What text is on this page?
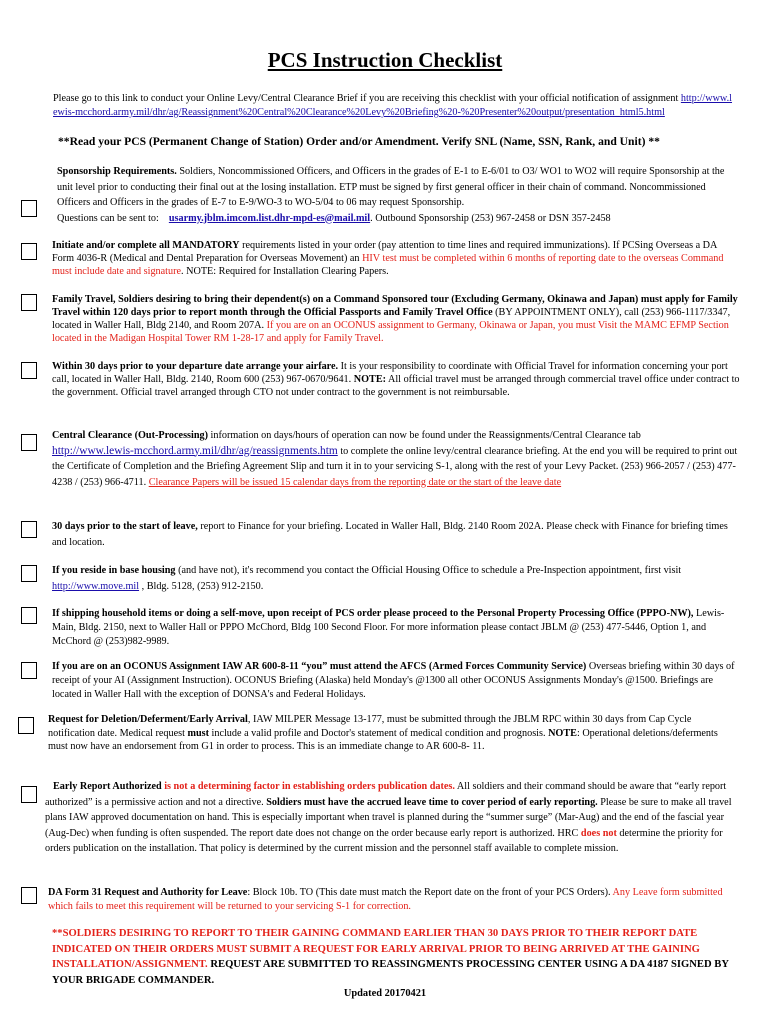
PCS Instruction Checklist
Please go to this link to conduct your Online Levy/Central Clearance Brief if you are receiving this checklist with your official notification of assignment http://www.lewis-mcchord.army.mil/dhr/ag/Reassignment%20Central%20Clearance%20Levy%20Briefing%20-%20Presenter%20output/presentation_html5.html
**Read your PCS (Permanent Change of Station) Order and/or Amendment. Verify SNL (Name, SSN, Rank, and Unit) **
Sponsorship Requirements. Soldiers, Noncommissioned Officers, and Officers in the grades of E-1 to E-6/01 to O3/ WO1 to WO2 will require Sponsorship at the unit level prior to conducting their final out at the losing installation. ETP must be signed by first general officer in their chain of command. Noncommissioned Officers and Officers in the grades of E-7 to E-9/WO-3 to WO-5/04 to 06 may request Sponsorship.
Questions can be sent to: usarmy.jblm.imcom.list.dhr-mpd-es@mail.mil. Outbound Sponsorship (253) 967-2458 or DSN 357-2458
Initiate and/or complete all MANDATORY requirements listed in your order (pay attention to time lines and required immunizations). If PCSing Overseas a DA Form 4036-R (Medical and Dental Preparation for Overseas Movement) an HIV test must be completed within 6 months of reporting date to the overseas Command must include date and signature. NOTE: Required for Installation Clearing Papers.
Family Travel, Soldiers desiring to bring their dependent(s) on a Command Sponsored tour (Excluding Germany, Okinawa and Japan) must apply for Family Travel within 120 days prior to report month through the Official Passports and Family Travel Office (BY APPOINTMENT ONLY), call (253) 966-1117/3347, located in Waller Hall, Bldg 2140, and Room 207A. If you are on an OCONUS assignment to Germany, Okinawa or Japan, you must Visit the MAMC EFMP Section located in the Madigan Hospital Tower RM 1-28-17 and apply for Family Travel.
Within 30 days prior to your departure date arrange your airfare. It is your responsibility to coordinate with Official Travel for information concerning your port call, located in Waller Hall, Bldg. 2140, Room 600 (253) 967-0670/9641. NOTE: All official travel must be arranged through commercial travel office under contract to the government. Official travel arranged through CTO not under contract to the government is not reimbursable.
Central Clearance (Out-Processing) information on days/hours of operation can now be found under the Reassignments/Central Clearance tab
http://www.lewis-mcchord.army.mil/dhr/ag/reassignments.htm to complete the online levy/central clearance briefing. At the end you will be required to print out the Certificate of Completion and the Briefing Agreement Slip and turn it in to your servicing S-1, along with the rest of your Levy Packet. (253) 966-2057 / (253) 477-4238 / (253) 966-4711. Clearance Papers will be issued 15 calendar days from the reporting date or the start of the leave date
30 days prior to the start of leave, report to Finance for your briefing. Located in Waller Hall, Bldg. 2140 Room 202A. Please check with Finance for briefing times and location.
If you reside in base housing (and have not), it's recommend you contact the Official Housing Office to schedule a Pre-Inspection appointment, first visit http://www.move.mil , Bldg. 5128, (253) 912-2150.
If shipping household items or doing a self-move, upon receipt of PCS order please proceed to the Personal Property Processing Office (PPPO-NW), Lewis-Main, Bldg. 2150, next to Waller Hall or PPPO McChord, Bldg 100 Second Floor. For more information please contact JBLM @ (253) 477-5446, Option 1, and McChord @ (253)982-9989.
If you are on an OCONUS Assignment IAW AR 600-8-11 “you” must attend the AFCS (Armed Forces Community Service) Overseas briefing within 30 days of receipt of your AI (Assignment Instruction). OCONUS Briefing (Alaska) held Monday's @1300 all other OCONUS Assignments Monday's @1500. Briefings are located in Waller Hall with the exception of DONSA's and Federal Holidays.
Request for Deletion/Deferment/Early Arrival, IAW MILPER Message 13-177, must be submitted through the JBLM RPC within 30 days from Cap Cycle notification date. Medical request must include a valid profile and Doctor's statement of medical condition and prognosis. NOTE: Operational deletions/deferments must now have an endorsement from G1 in order to process. This is an immediate change to AR 600-8- 11.
Early Report Authorized is not a determining factor in establishing orders publication dates. All soldiers and their command should be aware that “early report authorized” is a permissive action and not a directive. Soldiers must have the accrued leave time to cover period of early reporting. Please be sure to make all travel plans IAW approved documentation on hand. This is especially important when travel is planned during the “summer surge” (Mar-Aug) and the end of the fascial year (Aug-Dec) when funding is often suspended. The report date does not change on the order because early report is authorized. HRC does not determine the priority for orders publication on the installation. That policy is determined by the current mission and the personnel staff available to complete mission.
DA Form 31 Request and Authority for Leave: Block 10b. TO (This date must match the Report date on the front of your PCS Orders). Any Leave form submitted which fails to meet this requirement will be returned to your servicing S-1 for correction.
**SOLDIERS DESIRING TO REPORT TO THEIR GAINING COMMAND EARLIER THAN 30 DAYS PRIOR TO THEIR REPORT DATE INDICATED ON THEIR ORDERS MUST SUBMIT A REQUEST FOR EARLY ARRIVAL PRIOR TO BEING ARRIVED AT THE GAINING INSTALLATION/ASSIGNMENT. REQUEST ARE SUBMITTED TO REASSINGMENTS PROCESSING CENTER USING A DA 4187 SIGNED BY YOUR BRIGADE COMMANDER.
Updated 20170421
